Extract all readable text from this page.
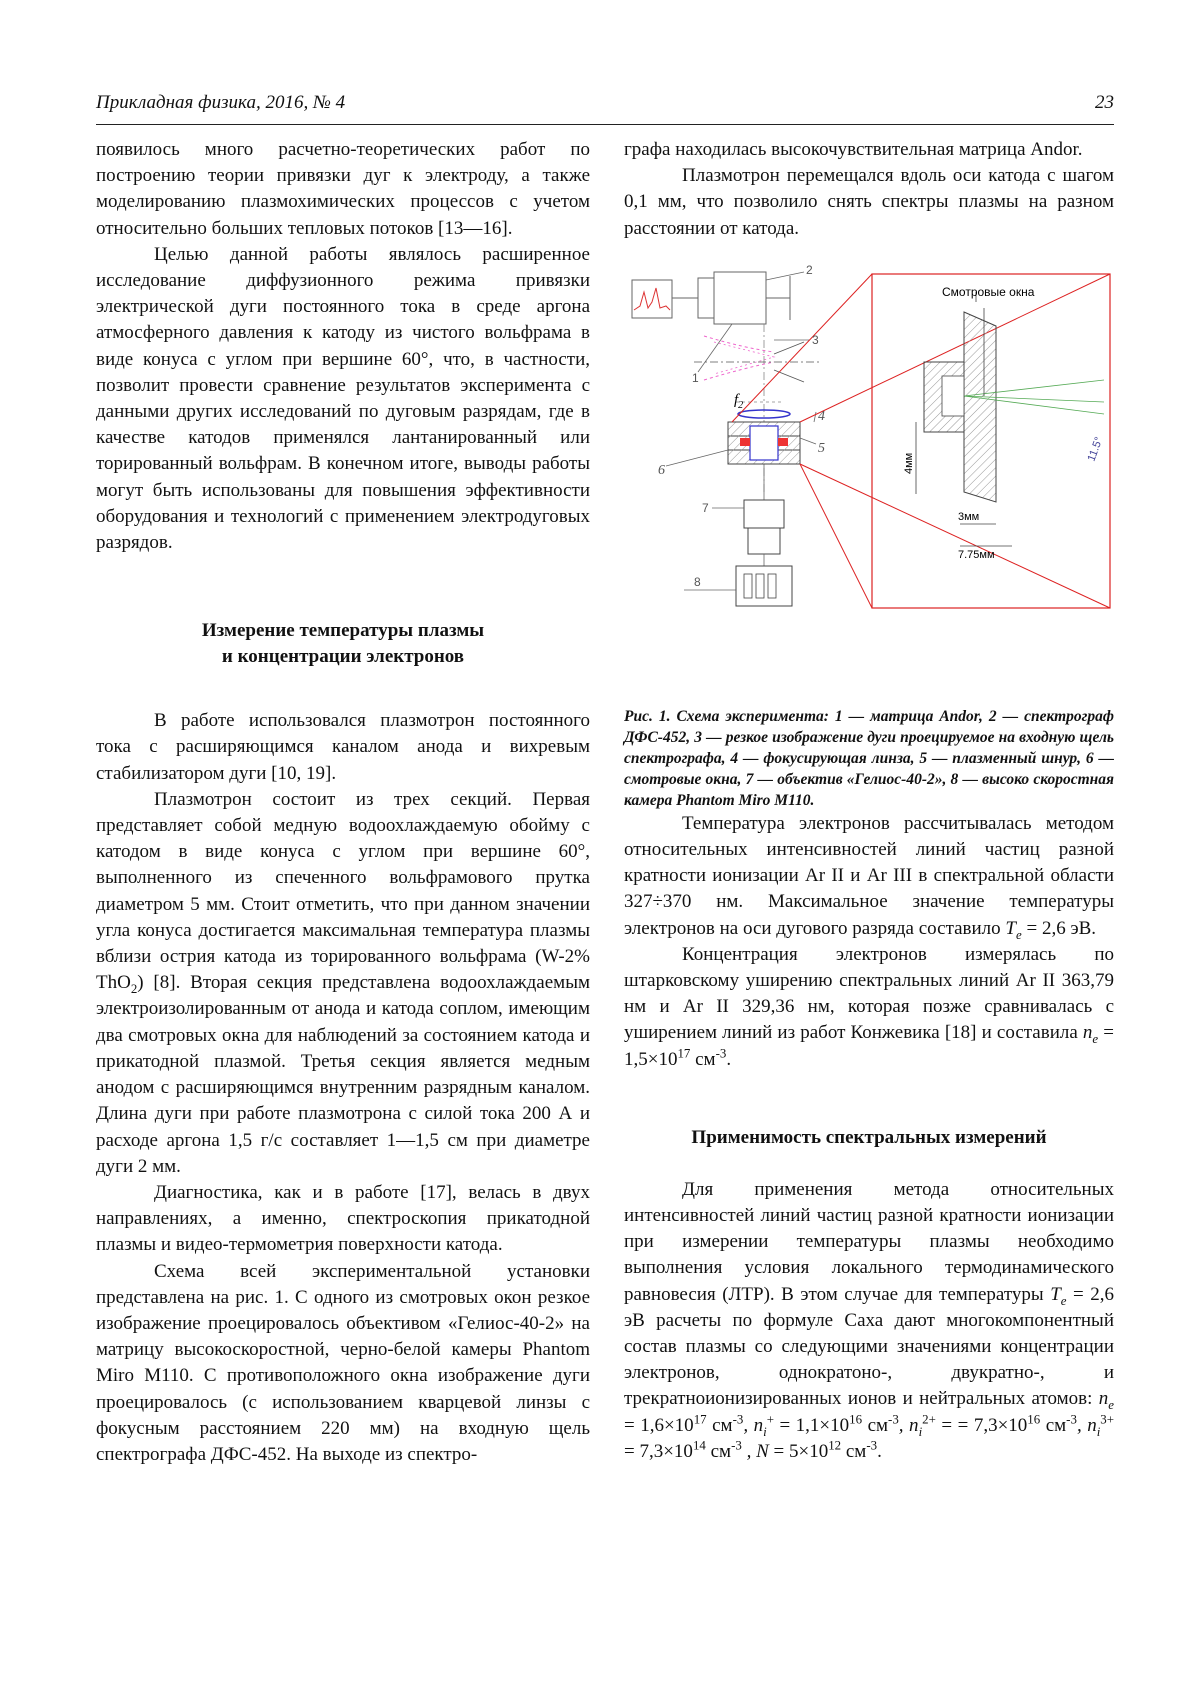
Прикладная физика, 2016, № 4	23

появилось много расчетно-теоретических работ по построению теории привязки дуг к электроду, а также моделированию плазмохимических процессов с учетом относительно больших тепловых потоков [13—16].

Целью данной работы являлось расширенное исследование диффузионного режима привязки электрической дуги постоянного тока в среде аргона атмосферного давления к катоду из чистого вольфрама в виде конуса с углом при вершине 60°, что, в частности, позволит провести сравнение результатов эксперимента с данными других исследований по дуговым разрядам, где в качестве катодов применялся лантанированный или торированный вольфрам. В конечном итоге, выводы работы могут быть использованы для повышения эффективности оборудования и технологий с применением электродуговых разрядов.

Измерение температуры плазмы
и концентрации электронов

В работе использовался плазмотрон постоянного тока с расширяющимся каналом анода и вихревым стабилизатором дуги [10, 19].

Плазмотрон состоит из трех секций. Первая представляет собой медную водоохлаждаемую обойму с катодом в виде конуса с углом при вершине 60°, выполненного из спеченного вольфрамового прутка диаметром 5 мм. Стоит отметить, что при данном значении угла конуса достигается максимальная температура плазмы вблизи острия катода из торированного вольфрама (W-2% ThO$_2$) [8]. Вторая секция представлена водоохлаждаемым электроизолированным от анода и катода соплом, имеющим два смотровых окна для наблюдений за состоянием катода и прикатодной плазмой. Третья секция является медным анодом с расширяющимся внутренним разрядным каналом. Длина дуги при работе плазмотрона с силой тока 200 А и расходе аргона 1,5 г/с составляет 1—1,5 см при диаметре дуги 2 мм.

Диагностика, как и в работе [17], велась в двух направлениях, а именно, спектроскопия прикатодной плазмы и видео-термометрия поверхности катода.

Схема всей экспериментальной установки представлена на рис. 1. С одного из смотровых окон резкое изображение проецировалось объективом «Гелиос-40-2» на матрицу высокоскоростной, черно-белой камеры Phantom Miro M110. С противоположного окна изображение дуги проецировалось (с использованием кварцевой линзы с фокусным расстоянием 220 мм) на входную щель спектрографа ДФС-452. На выходе из спектро-

графа находилась высокочувствительная матрица Andor.

Плазмотрон перемещался вдоль оси катода с шагом 0,1 мм, что позволило снять спектры плазмы на разном расстоянии от катода.

Смотровые окна
4мм
3мм
7.75мм
11.5°
$f_2$
1
2
3
4
5
6
7
8

Рис. 1. Схема эксперимента: 1 — матрица Andor, 2 — спектрограф ДФС-452, 3 — резкое изображение дуги проецируемое на входную щель спектрографа, 4 — фокусирующая линза, 5 — плазменный шнур, 6 — смотровые окна, 7 — объектив «Гелиос-40-2», 8 — высоко скоростная камера Phantom Miro M110.

Температура электронов рассчитывалась методом относительных интенсивностей линий частиц разной кратности ионизации Ar II и Ar III в спектральной области 327÷370 нм. Максимальное значение температуры электронов на оси дугового разряда составило $T_e = 2,6$ эВ.

Концентрация электронов измерялась по штарковскому уширению спектральных линий Ar II 363,79 нм и Ar II 329,36 нм, которая позже сравнивалась с уширением линий из работ Конжевика [18] и составила $n_e = 1,5\times 10^{17}$ $см^{-3}$.

Применимость спектральных измерений

Для применения метода относительных интенсивностей линий частиц разной кратности ионизации при измерении температуры плазмы необходимо выполнения условия локального термодинамического равновесия (ЛТР). В этом случае для температуры $T_e = 2,6$ эВ расчеты по формуле Саха дают многокомпонентный состав плазмы со следующими значениями концентрации электронов, однократоно-, двукратно-, и трекратноионизированных ионов и нейтральных атомов: $n_e = 1,6\times 10^{17}$ $см^{-3}$, $n_i^+ = 1,1\times 10^{16}$ $см^{-3}$, $n_i^{2+}$ = = $7,3\times 10^{16}$ $см^{-3}$, $n_i^{3+} = 7,3\times 10^{14}$ $см^{-3}$ , $N = 5\times 10^{12}$ $см^{-3}$.
